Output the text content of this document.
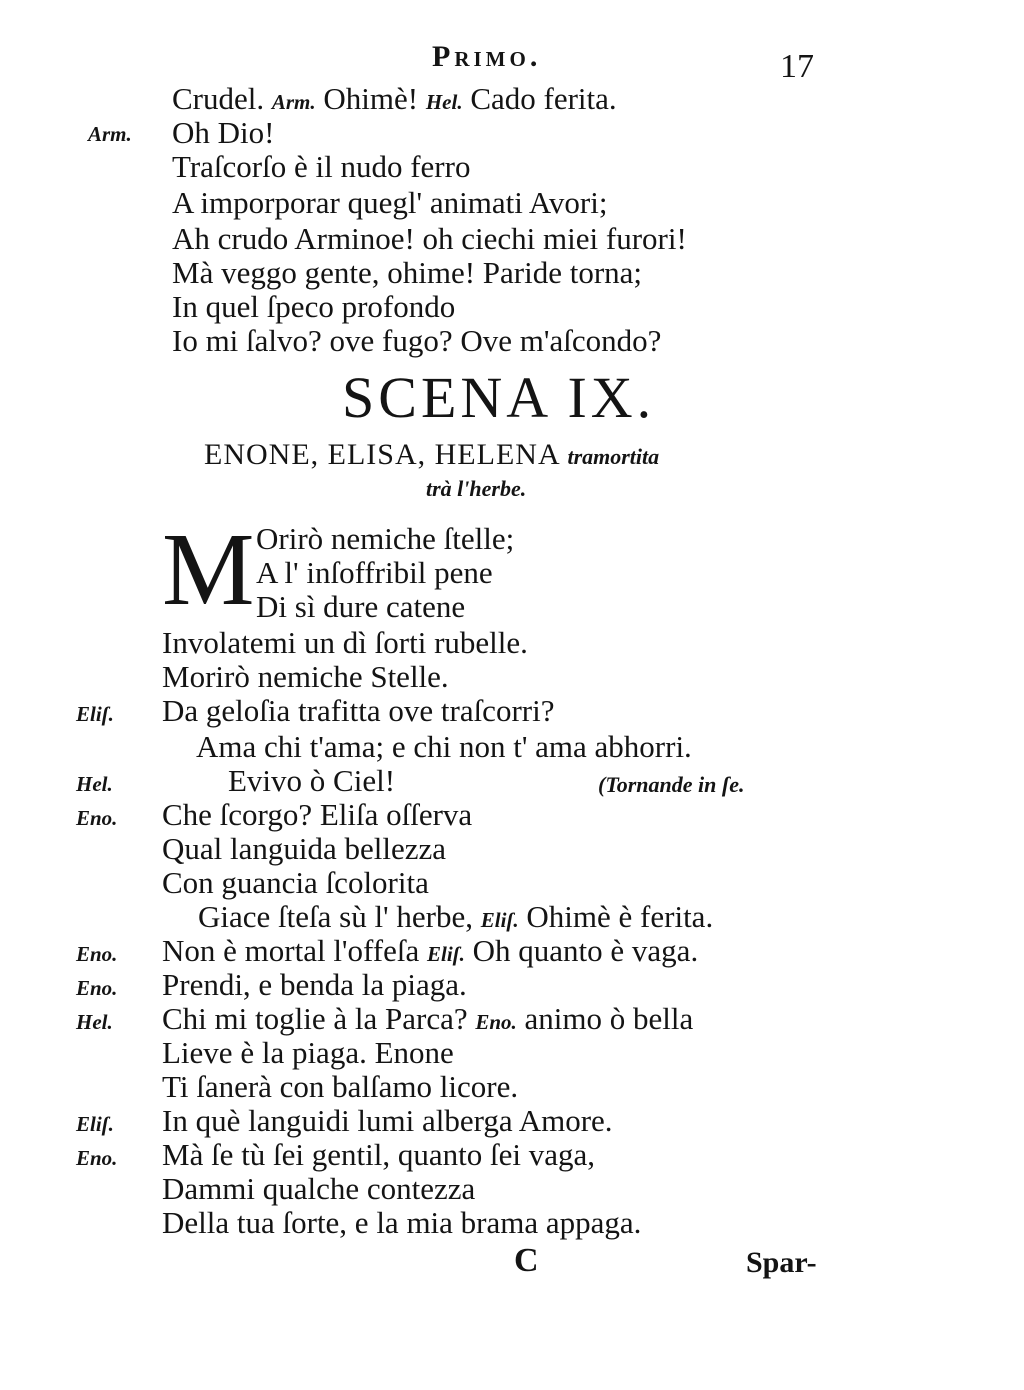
Primo.	17
Crudel. Arm. Ohimè! Hel. Cado ferita.
Arm. Oh Dio!
Traſcorſo è il nudo ferro
A imporporar quegl' animati Avori;
Ah crudo Arminoe! oh ciechi miei furori!
Mà veggo gente, ohime! Paride torna;
In quel ſpeco profondo
Io mi ſalvo? ove fugo? Ove m'aſcondo?
SCENA IX.
ENONE, ELISA, HELENA tramortita
trà l'herbe.
M Orirò nemiche ſtelle;
A l' inſoffribil pene
Di sì dure catene
Involatemi un dì ſorti rubelle.
Morirò nemiche Stelle.
Eliſ. Da geloſia trafitta ove traſcorri?
Ama chi t'ama; e chi non t' ama abhorri.
Hel.	Evivo ò Ciel!	(Tornande in ſe.
Eno. Che ſcorgo? Eliſa oſſerva
Qual languida bellezza
Con guancia ſcolorita
Giace ſteſa sù l' herbe, Eliſ. Ohimè è ferita.
Eno. Non è mortal l'offeſa Eliſ. Oh quanto è vaga.
Eno. Prendi, e benda la piaga.
Hel. Chi mi toglie à la Parca? Eno. animo ò bella
Lieve è la piaga. Enone
Ti ſanerà con balſamo licore.
Eliſ. In què languidi lumi alberga Amore.
Eno. Mà ſe tù ſei gentil, quanto ſei vaga,
Dammi qualche contezza
Della tua ſorte, e la mia brama appaga.
C	Spar-
